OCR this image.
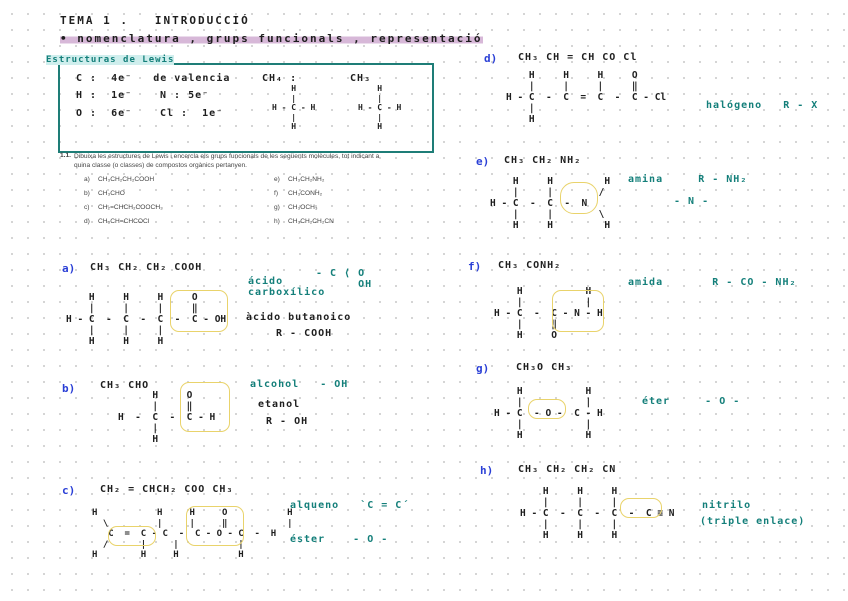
TEMA 1 .   INTRODUCCIÓ
• nomenclatura , grups funcionals , representació
Estructuras de Lewis
C :  4e⁻   de valencia
H :  1e⁻	N : 5e⁻
O :  6e⁻	Cl :  1e⁻
CH₄ :
H
|
H - C - H
|
H
CH₃
H
|
H - C - H
|
H
1.1. Dibuixa les estructures de Lewis i encercla els grups funcionals de les següents molècules, tot indicant a
quina classe (o classes) de compostos orgànics pertanyen.
a) CH₃CH₂CH₂COOH
b) CH₃CHO
c) CH₂=CHCH₂COOCH₃
d) CH₃CH=CHCOCl
e) CH₃CH₂NH₂
f) CH₃CONH₂
g) CH₃OCH₃
h) CH₃CH₂CH₂CN
a) CH₃ CH₂ CH₂ COOH
H     H     H     O
|     |     |     ‖
H - C  -  C  -  C  -  C - OH
|     |     |
H     H     H
ácido
carboxílico
- C ⟨ O
OH
àcido butanoico
R - COOH
b) CH₃ CHO
H     O
|     ‖
H  -  C  -  C - H
|
H
alcohol   - OH
etanol
R - OH
c) CH₂ = CHCH₂ COO CH₃
H           H     H     O           H
\         |     |     ‖           |
C  =  C - C  -  C - O - C  -  H
/      |     |           |
H        H     H           H
alqueno   `C = C´
éster    - O -
d) CH₃ CH = CH CO Cl
H     H     H     O
|     |     |     ‖
H - C  -  C  =  C  -  C - Cl
|
H
halógeno   R - X
e) CH₃ CH₂ NH₂
H     H         H
|     |        /
H - C  -  C  -  N
|     |        \
H     H         H
amina     R - NH₂
- N -
f) CH₃ CONH₂
H           H
|           |
H - C  -  C - N - H
|     ‖
H     O
amida       R - CO - NH₂
g)	CH₃O CH₃
H           H
|           |
H - C  - O -  C - H
|           |
H           H
éter     - O -
h) CH₃ CH₂ CH₂ CN
H     H     H
|     |     |
H - C  -  C  -  C  -  C ≡ N
|     |     |
H     H     H
nitrilo
(triple enlace)
